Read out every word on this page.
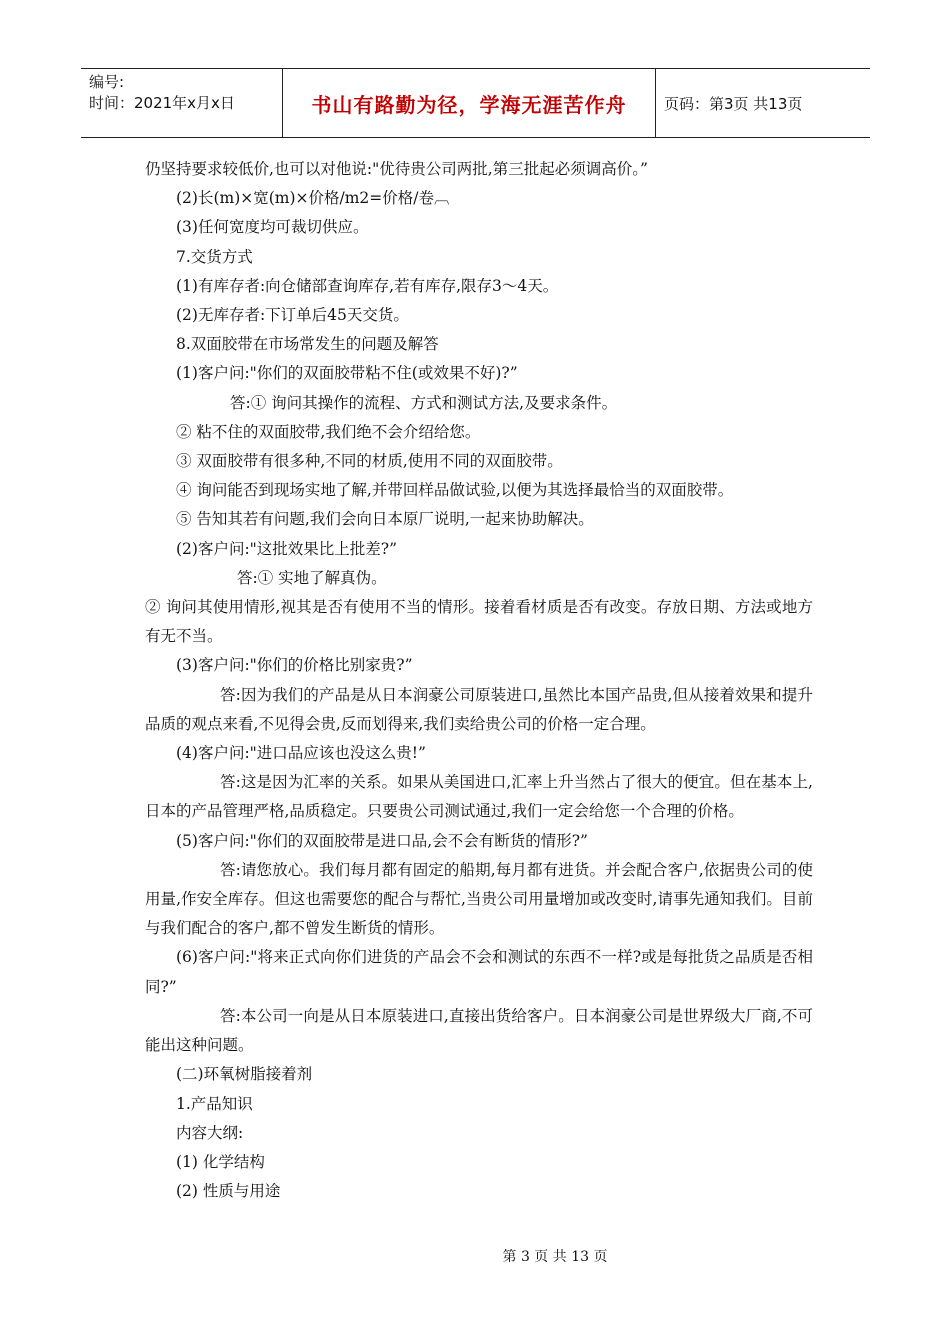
编号:
时间：2021年x月x日	书山有路勤为径，学海无涯苦作舟	页码：第3页 共13页

仍坚持要求较低价,也可以对他说:"优待贵公司两批,第三批起必须调高价。”

(2)长(m)×宽(m)×价格/m2=价格/卷︹

(3)任何宽度均可裁切供应。

7.交货方式

(1)有库存者:向仓储部查询库存,若有库存,限存3～4天。

(2)无库存者:下订单后45天交货。

8.双面胶带在市场常发生的问题及解答

(1)客户问:"你们的双面胶带粘不住(或效果不好)?”

答:① 询问其操作的流程、方式和测试方法,及要求条件。

② 粘不住的双面胶带,我们绝不会介绍给您。

③ 双面胶带有很多种,不同的材质,使用不同的双面胶带。

④ 询问能否到现场实地了解,并带回样品做试验,以便为其选择最恰当的双面胶带。

⑤ 告知其若有问题,我们会向日本原厂说明,一起来协助解决。

(2)客户问:"这批效果比上批差?”

答:① 实地了解真伪。

② 询问其使用情形,视其是否有使用不当的情形。接着看材质是否有改变。存放日期、方法或地方有无不当。

(3)客户问:"你们的价格比别家贵?”

答:因为我们的产品是从日本润豪公司原装进口,虽然比本国产品贵,但从接着效果和提升品质的观点来看,不见得会贵,反而划得来,我们卖给贵公司的价格一定合理。

(4)客户问:"进口品应该也没这么贵!”

答:这是因为汇率的关系。如果从美国进口,汇率上升当然占了很大的便宜。但在基本上,日本的产品管理严格,品质稳定。只要贵公司测试通过,我们一定会给您一个合理的价格。

(5)客户问:"你们的双面胶带是进口品,会不会有断货的情形?”

答:请您放心。我们每月都有固定的船期,每月都有进货。并会配合客户,依据贵公司的使用量,作安全库存。但这也需要您的配合与帮忙,当贵公司用量增加或改变时,请事先通知我们。目前与我们配合的客户,都不曾发生断货的情形。

(6)客户问:"将来正式向你们进货的产品会不会和测试的东西不一样?或是每批货之品质是否相同?”

答:本公司一向是从日本原装进口,直接出货给客户。日本润豪公司是世界级大厂商,不可能出这种问题。

(二)环氧树脂接着剂

1.产品知识

内容大纲:

(1) 化学结构

(2) 性质与用途

第 3 页 共 13 页
